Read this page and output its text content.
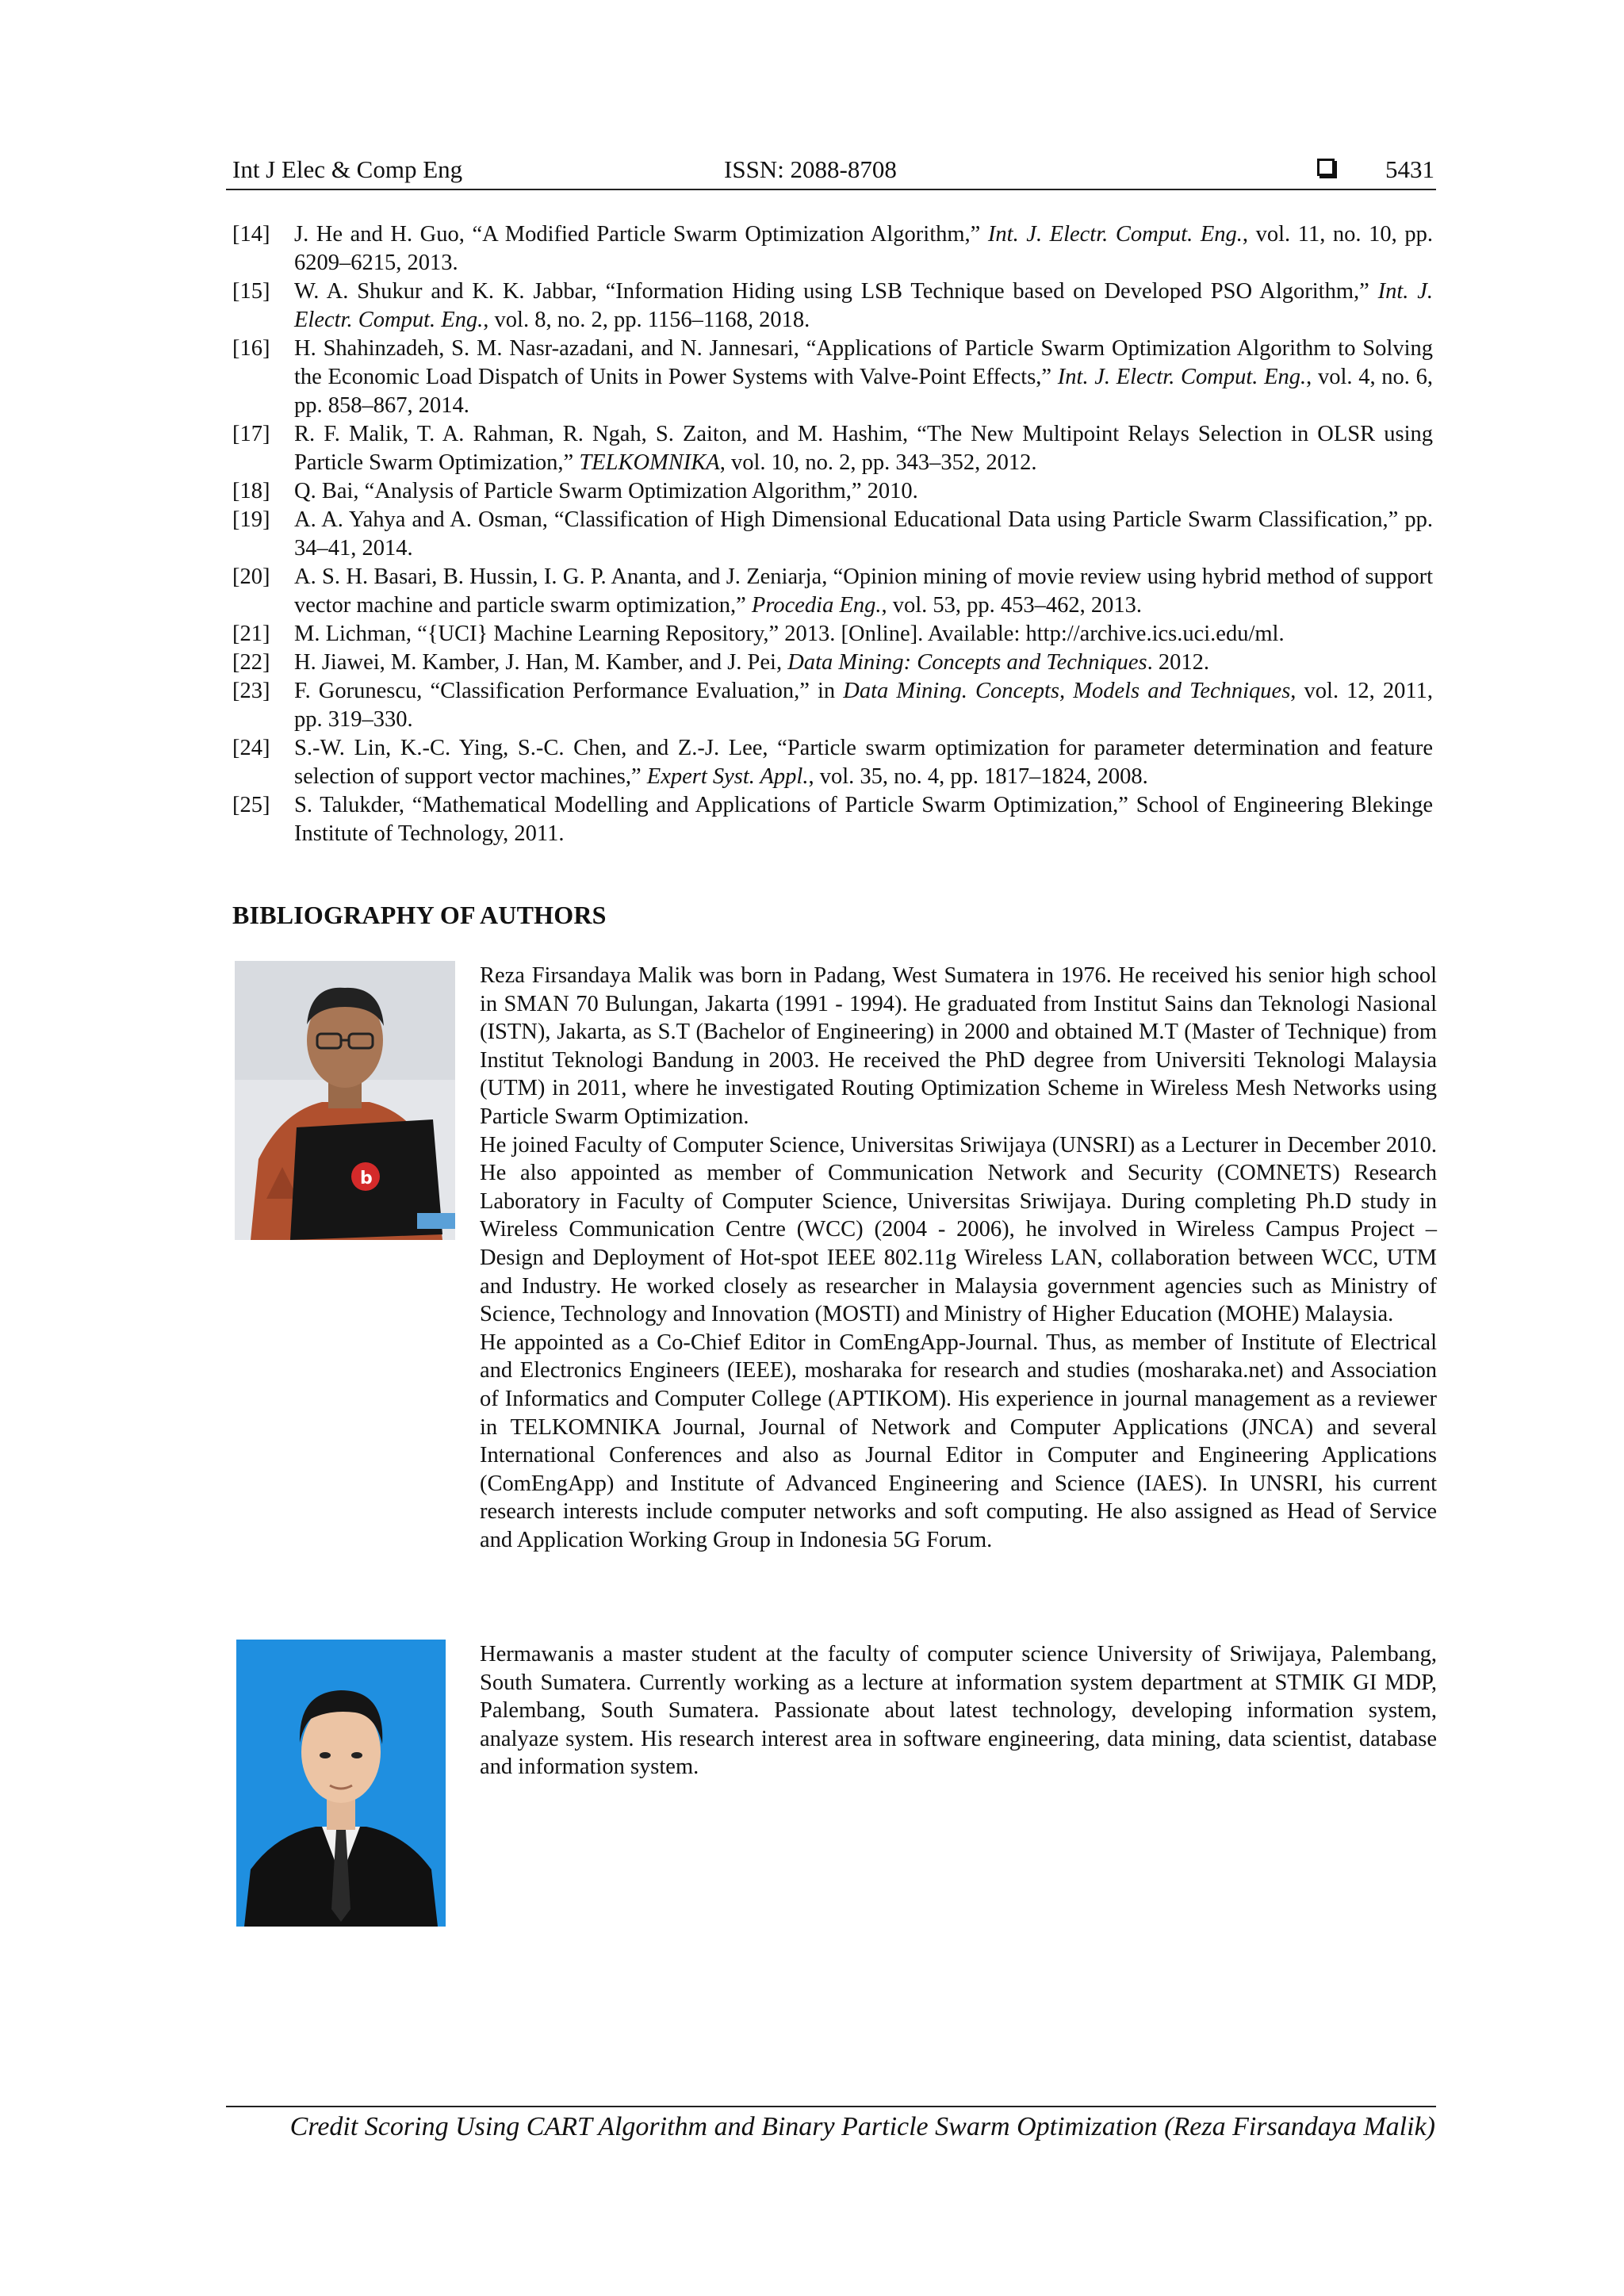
Int J Elec & Comp Eng	ISSN: 2088-8708	5431
[14] J. He and H. Guo, “A Modified Particle Swarm Optimization Algorithm,” Int. J. Electr. Comput. Eng., vol. 11, no. 10, pp. 6209–6215, 2013.
[15] W. A. Shukur and K. K. Jabbar, “Information Hiding using LSB Technique based on Developed PSO Algorithm,” Int. J. Electr. Comput. Eng., vol. 8, no. 2, pp. 1156–1168, 2018.
[16] H. Shahinzadeh, S. M. Nasr-azadani, and N. Jannesari, “Applications of Particle Swarm Optimization Algorithm to Solving the Economic Load Dispatch of Units in Power Systems with Valve-Point Effects,” Int. J. Electr. Comput. Eng., vol. 4, no. 6, pp. 858–867, 2014.
[17] R. F. Malik, T. A. Rahman, R. Ngah, S. Zaiton, and M. Hashim, “The New Multipoint Relays Selection in OLSR using Particle Swarm Optimization,” TELKOMNIKA, vol. 10, no. 2, pp. 343–352, 2012.
[18] Q. Bai, “Analysis of Particle Swarm Optimization Algorithm,” 2010.
[19] A. A. Yahya and A. Osman, “Classification of High Dimensional Educational Data using Particle Swarm Classification,” pp. 34–41, 2014.
[20] A. S. H. Basari, B. Hussin, I. G. P. Ananta, and J. Zeniarja, “Opinion mining of movie review using hybrid method of support vector machine and particle swarm optimization,” Procedia Eng., vol. 53, pp. 453–462, 2013.
[21] M. Lichman, “{UCI} Machine Learning Repository,” 2013. [Online]. Available: http://archive.ics.uci.edu/ml.
[22] H. Jiawei, M. Kamber, J. Han, M. Kamber, and J. Pei, Data Mining: Concepts and Techniques. 2012.
[23] F. Gorunescu, “Classification Performance Evaluation,” in Data Mining. Concepts, Models and Techniques, vol. 12, 2011, pp. 319–330.
[24] S.-W. Lin, K.-C. Ying, S.-C. Chen, and Z.-J. Lee, “Particle swarm optimization for parameter determination and feature selection of support vector machines,” Expert Syst. Appl., vol. 35, no. 4, pp. 1817–1824, 2008.
[25] S. Talukder, “Mathematical Modelling and Applications of Particle Swarm Optimization,” School of Engineering Blekinge Institute of Technology, 2011.
BIBLIOGRAPHY OF AUTHORS
b

Reza Firsandaya Malik was born in Padang, West Sumatera in 1976. He received his senior high school in SMAN 70 Bulungan, Jakarta (1991 - 1994). He graduated from Institut Sains dan Teknologi Nasional (ISTN), Jakarta, as S.T (Bachelor of Engineering) in 2000 and obtained M.T (Master of Technique) from Institut Teknologi Bandung in 2003. He received the PhD degree from Universiti Teknologi Malaysia (UTM) in 2011, where he investigated Routing Optimization Scheme in Wireless Mesh Networks using Particle Swarm Optimization.

He joined Faculty of Computer Science, Universitas Sriwijaya (UNSRI) as a Lecturer in December 2010. He also appointed as member of Communication Network and Security (COMNETS) Research Laboratory in Faculty of Computer Science, Universitas Sriwijaya. During completing Ph.D study in Wireless Communication Centre (WCC) (2004 - 2006), he involved in Wireless Campus Project – Design and Deployment of Hot-spot IEEE 802.11g Wireless LAN, collaboration between WCC, UTM and Industry. He worked closely as researcher in Malaysia government agencies such as Ministry of Science, Technology and Innovation (MOSTI) and Ministry of Higher Education (MOHE) Malaysia.

He appointed as a Co-Chief Editor in ComEngApp-Journal. Thus, as member of Institute of Electrical and Electronics Engineers (IEEE), mosharaka for research and studies (mosharaka.net) and Association of Informatics and Computer College (APTIKOM). His experience in journal management as a reviewer in TELKOMNIKA Journal, Journal of Network and Computer Applications (JNCA) and several International Conferences and also as Journal Editor in Computer and Engineering Applications (ComEngApp) and Institute of Advanced Engineering and Science (IAES). In UNSRI, his current research interests include computer networks and soft computing. He also assigned as Head of Service and Application Working Group in Indonesia 5G Forum.

Hermawanis a master student at the faculty of computer science University of Sriwijaya, Palembang, South Sumatera. Currently working as a lecture at information system department at STMIK GI MDP, Palembang, South Sumatera. Passionate about latest technology, developing information system, analyaze system. His research interest area in software engineering, data mining, data scientist, database and information system.

Credit Scoring Using CART Algorithm and Binary Particle Swarm Optimization (Reza Firsandaya Malik)
